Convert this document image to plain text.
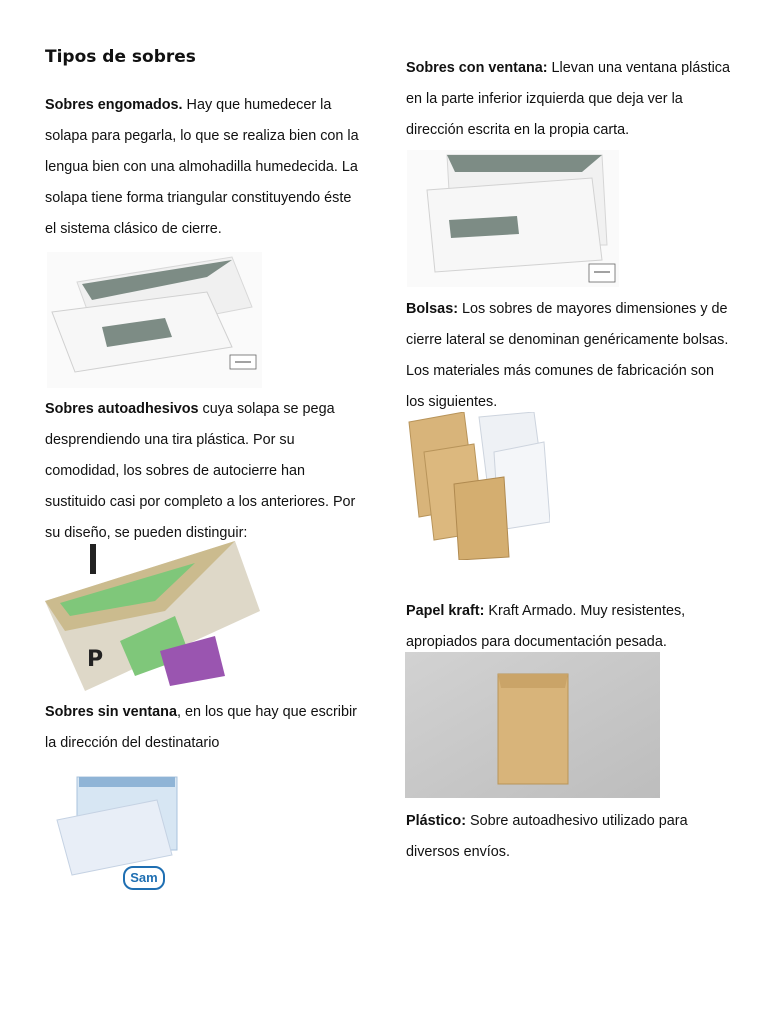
Tipos de sobres

Sobres engomados. Hay que humedecer la solapa para pegarla, lo que se realiza bien con la lengua bien con una almohadilla humedecida. La solapa tiene forma triangular constituyendo éste el sistema clásico de cierre.

Sobres autoadhesivos cuya solapa se pega desprendiendo una tira plástica. Por su comodidad, los sobres de autocierre han sustituido casi por completo a los anteriores. Por su diseño, se pueden distinguir:

P

Sobres sin ventana, en los que hay que escribir la dirección del destinatario

Sam

Sobres con ventana: Llevan una ventana plástica en la parte inferior izquierda que deja ver la dirección escrita en la propia carta.

Bolsas: Los sobres de mayores dimensiones y de cierre lateral se denominan genéricamente bolsas. Los materiales más comunes de fabricación son los siguientes.

Papel kraft: Kraft Armado. Muy resistentes, apropiados para documentación pesada.

Plástico: Sobre autoadhesivo utilizado para diversos envíos.
